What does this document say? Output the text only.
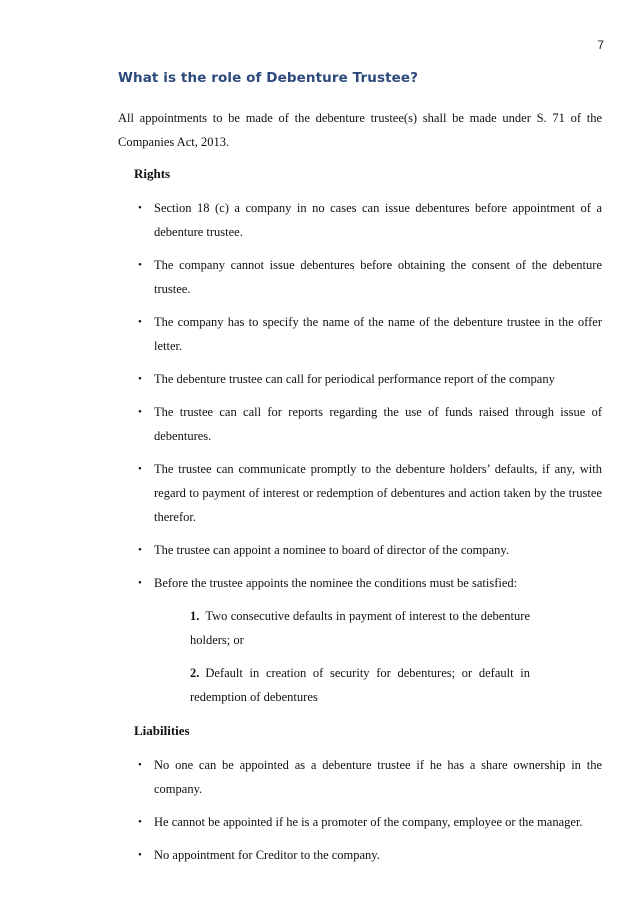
7
What is the role of Debenture Trustee?

All appointments to be made of the debenture trustee(s) shall be made under S. 71 of the Companies Act, 2013.

Rights
• Section 18 (c) a company in no cases can issue debentures before appointment of a debenture trustee.
• The company cannot issue debentures before obtaining the consent of the debenture trustee.
• The company has to specify the name of the name of the debenture trustee in the offer letter.
• The debenture trustee can call for periodical performance report of the company
• The trustee can call for reports regarding the use of funds raised through issue of debentures.
• The trustee can communicate promptly to the debenture holders’ defaults, if any, with regard to payment of interest or redemption of debentures and action taken by the trustee therefor.
• The trustee can appoint a nominee to board of director of the company.
• Before the trustee appoints the nominee the conditions must be satisfied:
1. Two consecutive defaults in payment of interest to the debenture holders; or
2. Default in creation of security for debentures; or default in redemption of debentures
Liabilities
• No one can be appointed as a debenture trustee if he has a share ownership in the company.
• He cannot be appointed if he is a promoter of the company, employee or the manager.
• No appointment for Creditor to the company.
